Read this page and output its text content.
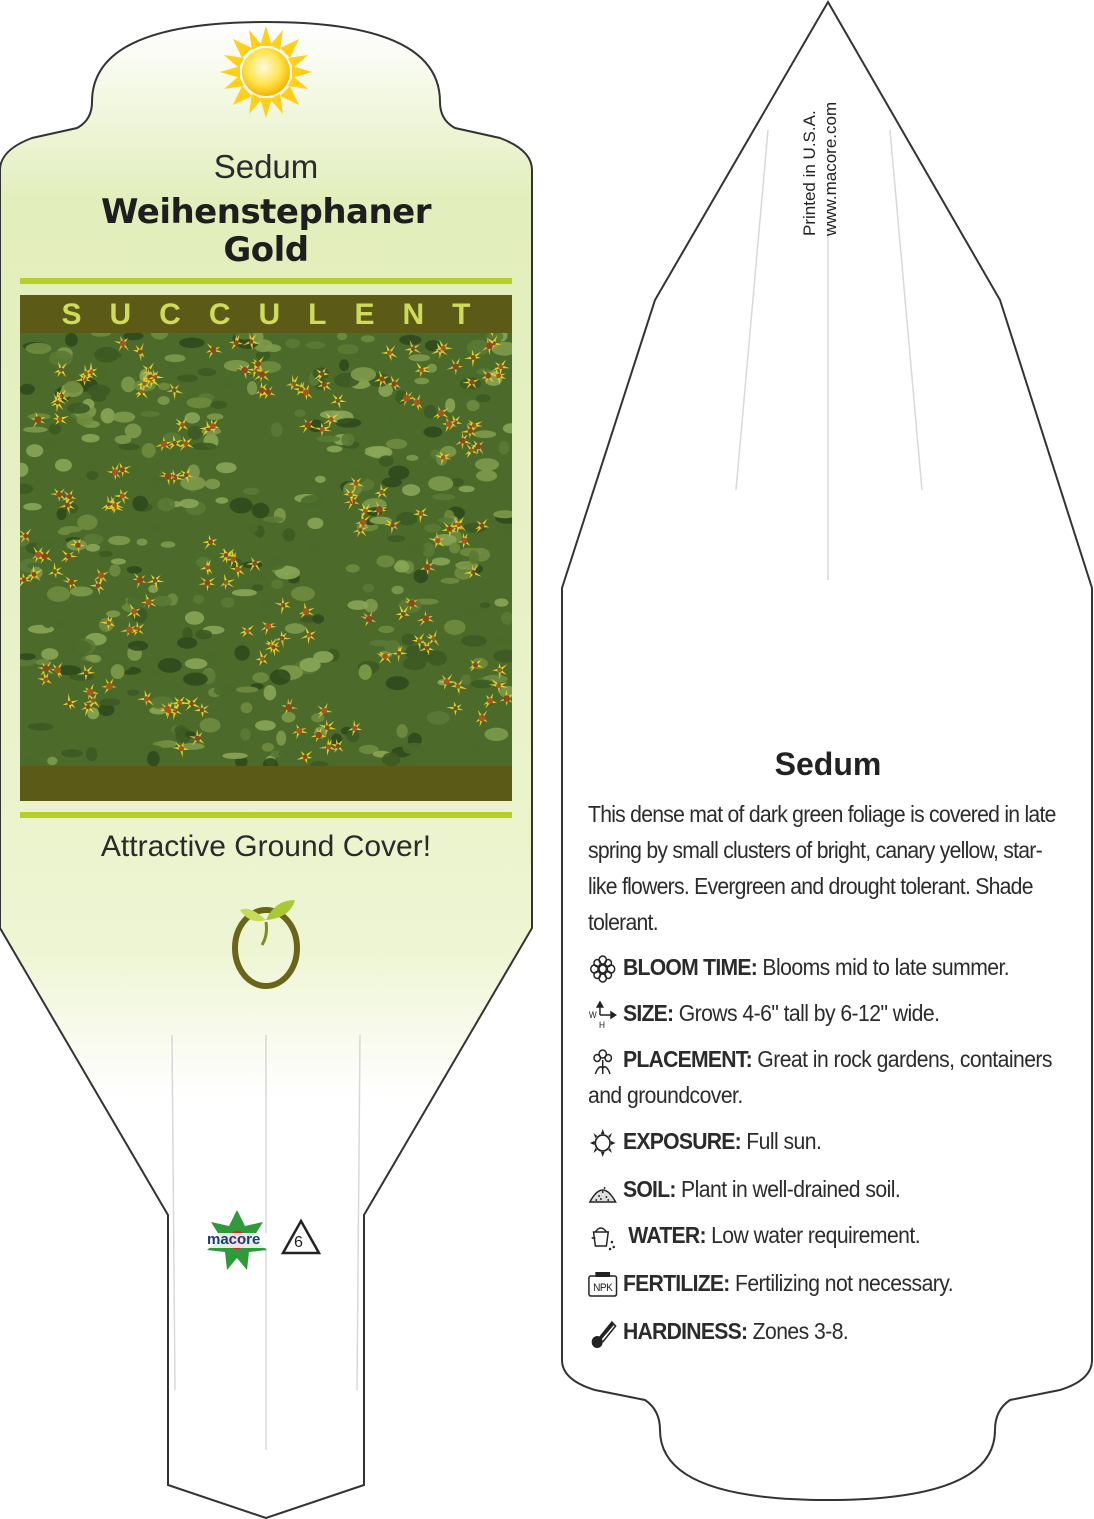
Sedum
Weihenstephaner
Gold
SUCCULENT
Attractive Ground Cover!
macore 6
Printed in U.S.A. www.macore.com
Sedum
This dense mat of dark green foliage is covered in late spring by small clusters of bright, canary yellow, star-like flowers. Evergreen and drought tolerant. Shade tolerant.
BLOOM TIME: Blooms mid to late summer.
W
H SIZE: Grows 4-6" tall by 6-12" wide.
PLACEMENT: Great in rock gardens, containers and groundcover.
EXPOSURE: Full sun.
SOIL: Plant in well-drained soil.
WATER: Low water requirement.
NPK FERTILIZE: Fertilizing not necessary.
HARDINESS: Zones 3-8.
